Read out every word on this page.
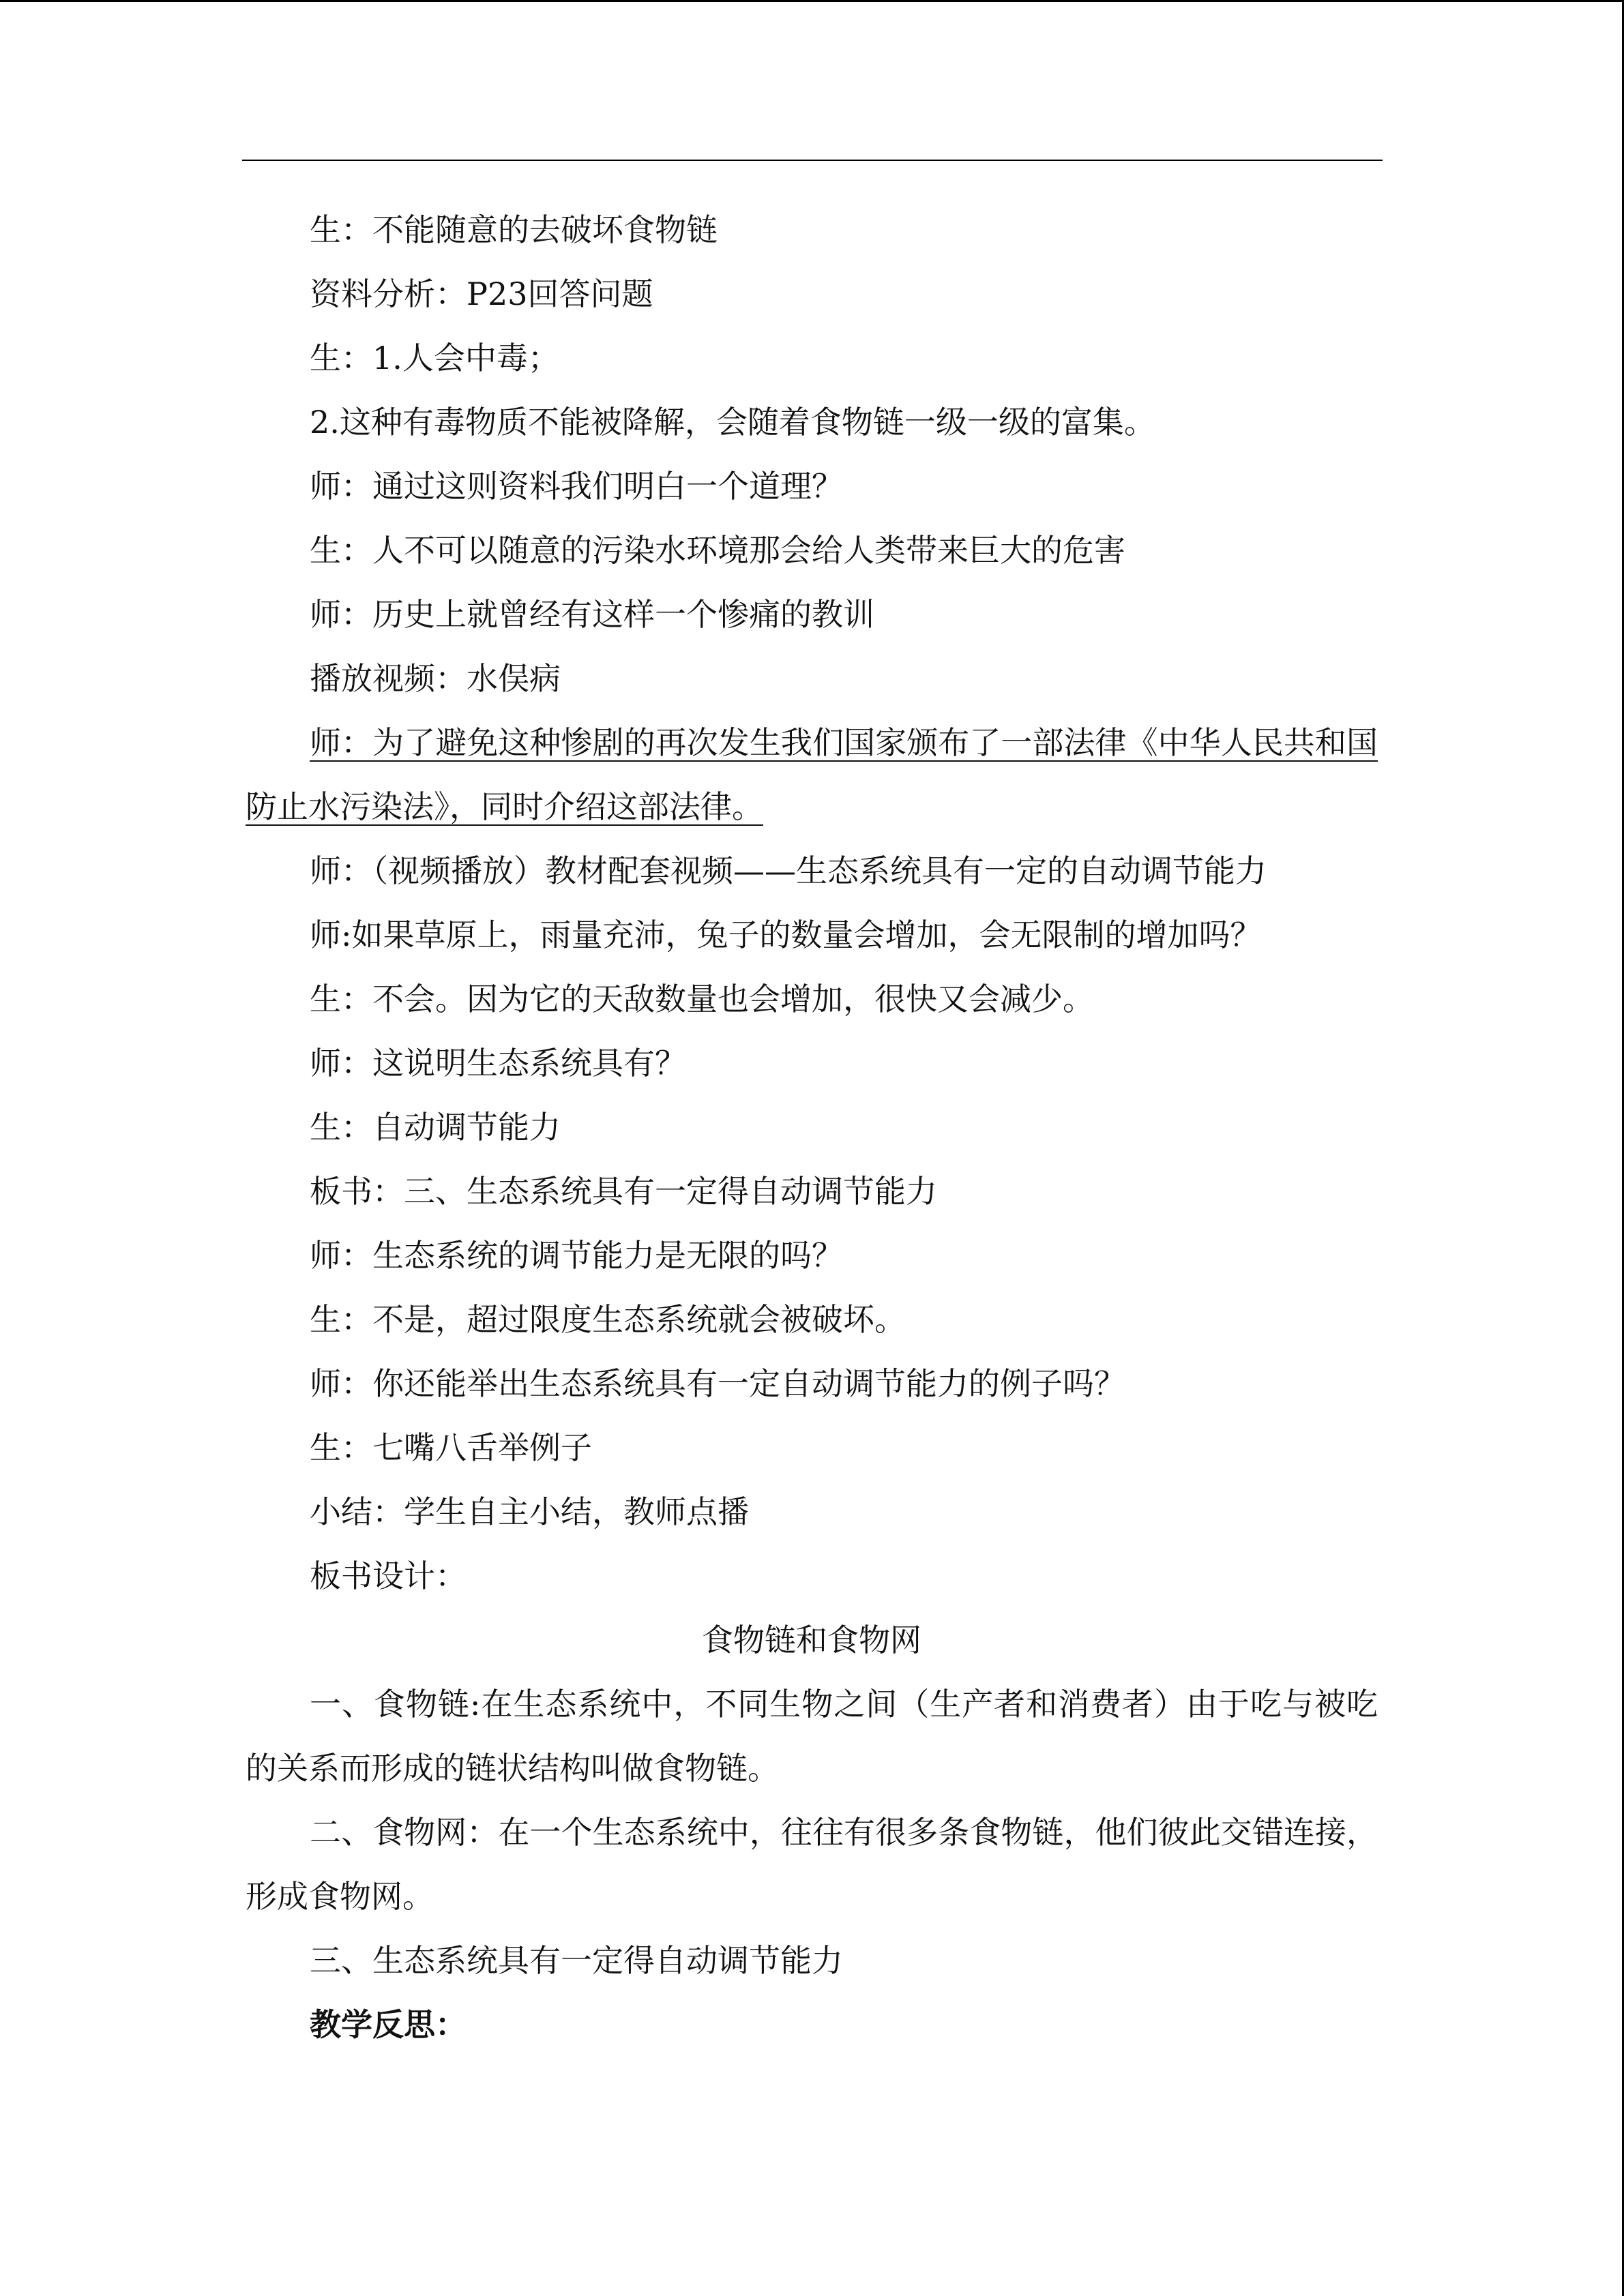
生：不能随意的去破坏食物链

资料分析：P23回答问题

生：1.人会中毒；

2.这种有毒物质不能被降解，会随着食物链一级一级的富集。

师：通过这则资料我们明白一个道理？

生：人不可以随意的污染水环境那会给人类带来巨大的危害

师：历史上就曾经有这样一个惨痛的教训

播放视频：水俣病

师：为了避免这种惨剧的再次发生我们国家颁布了一部法律《中华人民共和国防止水污染法》，同时介绍这部法律。

师：（视频播放）教材配套视频——生态系统具有一定的自动调节能力

师:如果草原上，雨量充沛，兔子的数量会增加，会无限制的增加吗？

生：不会。因为它的天敌数量也会增加，很快又会减少。

师：这说明生态系统具有？

生：自动调节能力

板书：三、生态系统具有一定得自动调节能力

师：生态系统的调节能力是无限的吗？

生：不是，超过限度生态系统就会被破坏。

师：你还能举出生态系统具有一定自动调节能力的例子吗？

生：七嘴八舌举例子

小结：学生自主小结，教师点播

板书设计：

食物链和食物网

一、食物链:在生态系统中，不同生物之间（生产者和消费者）由于吃与被吃的关系而形成的链状结构叫做食物链。

二、食物网：在一个生态系统中，往往有很多条食物链，他们彼此交错连接，形成食物网。

三、生态系统具有一定得自动调节能力

教学反思：
